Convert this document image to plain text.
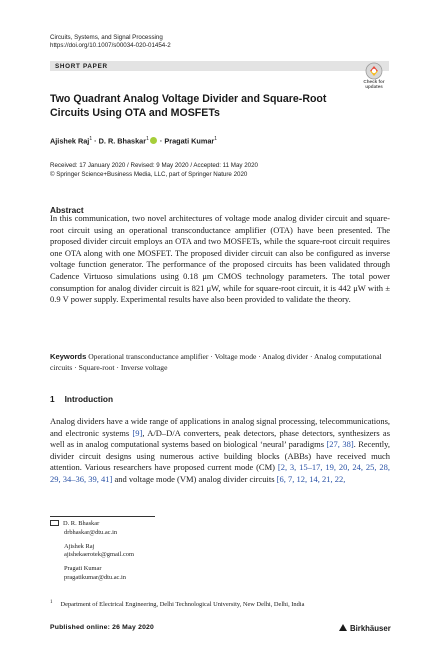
Circuits, Systems, and Signal Processing
https://doi.org/10.1007/s00034-020-01454-2
SHORT PAPER
Check for
updates
Two Quadrant Analog Voltage Divider and Square-Root Circuits Using OTA and MOSFETs
Ajishek Raj$^1$ · D. R. Bhaskar$^1$ · Pragati Kumar$^1$
Received: 17 January 2020 / Revised: 9 May 2020 / Accepted: 11 May 2020
© Springer Science+Business Media, LLC, part of Springer Nature 2020
Abstract
In this communication, two novel architectures of voltage mode analog divider circuit and square-root circuit using an operational transconductance amplifier (OTA) have been presented. The proposed divider circuit employs an OTA and two MOSFETs, while the square-root circuit requires one OTA along with one MOSFET. The proposed divider circuit can also be configured as inverse voltage function generator. The performance of the proposed circuits has been validated through Cadence Virtuoso simulations using 0.18 μm CMOS technology parameters. The total power consumption for analog divider circuit is 821 μW, while for square-root circuit, it is 442 μW with ± 0.9 V power supply. Experimental results have also been provided to validate the theory.
Keywords Operational transconductance amplifier · Voltage mode · Analog divider · Analog computational circuits · Square-root · Inverse voltage
1 Introduction
Analog dividers have a wide range of applications in analog signal processing, telecommunications, and electronic systems [9], A/D–D/A converters, peak detectors, phase detectors, synthesizers as well as in analog computational systems based on biological ‘neural’ paradigms [27, 38]. Recently, divider circuit designs using numerous active building blocks (ABBs) have received much attention. Various researchers have proposed current mode (CM) [2, 3, 15–17, 19, 20, 24, 25, 28, 29, 34–36, 39, 41] and voltage mode (VM) analog divider circuits [6, 7, 12, 14, 21, 22,
D. R. Bhaskar
drbhaskar@dtu.ac.in
Ajishek Raj
ajishekaerotek@gmail.com
Pragati Kumar
pragatikumar@dtu.ac.in
$^1$ Department of Electrical Engineering, Delhi Technological University, New Delhi, Delhi, India
Published online: 26 May 2020	Birkhäuser
